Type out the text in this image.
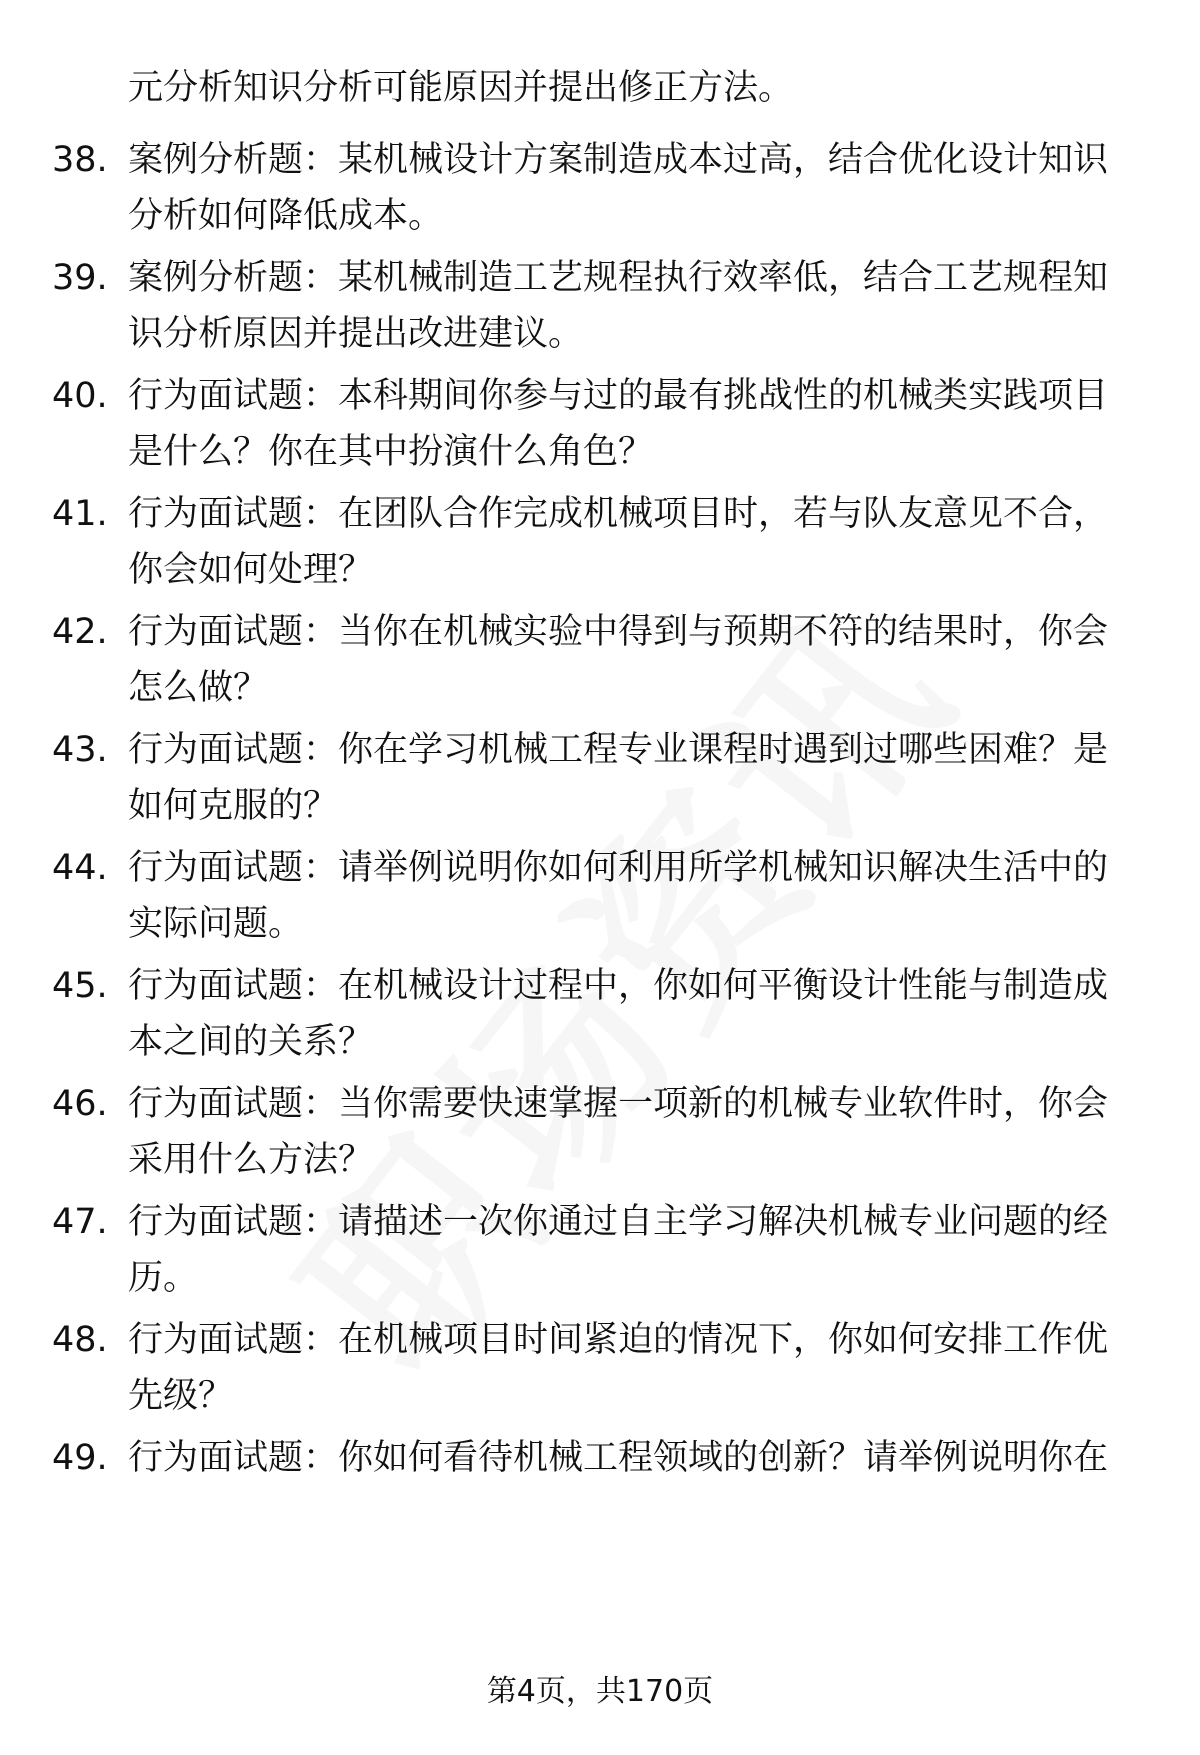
元分析知识分析可能原因并提出修正方法。
38. 案例分析题：某机械设计方案制造成本过高，结合优化设计知识分析如何降低成本。
39. 案例分析题：某机械制造工艺规程执行效率低，结合工艺规程知识分析原因并提出改进建议。
40. 行为面试题：本科期间你参与过的最有挑战性的机械类实践项目是什么？你在其中扮演什么角色？
41. 行为面试题：在团队合作完成机械项目时，若与队友意见不合，你会如何处理？
42. 行为面试题：当你在机械实验中得到与预期不符的结果时，你会怎么做？
43. 行为面试题：你在学习机械工程专业课程时遇到过哪些困难？是如何克服的？
44. 行为面试题：请举例说明你如何利用所学机械知识解决生活中的实际问题。
45. 行为面试题：在机械设计过程中，你如何平衡设计性能与制造成本之间的关系？
46. 行为面试题：当你需要快速掌握一项新的机械专业软件时，你会采用什么方法？
47. 行为面试题：请描述一次你通过自主学习解决机械专业问题的经历。
48. 行为面试题：在机械项目时间紧迫的情况下，你如何安排工作优先级？
49. 行为面试题：你如何看待机械工程领域的创新？请举例说明你在
第4页，共170页
